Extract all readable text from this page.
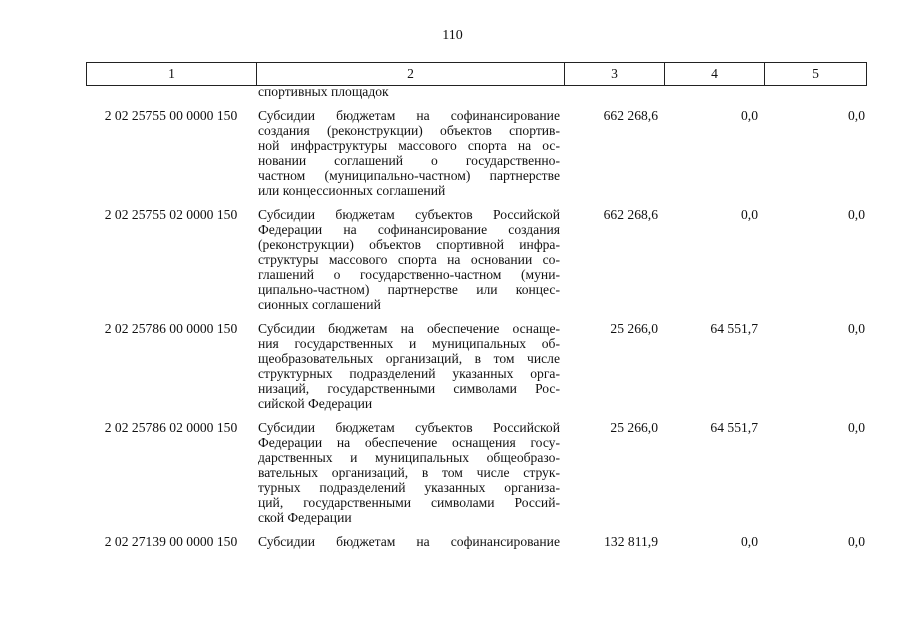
110
1	2	3	4	5
спортивных площадок
2 02 25755 00 0000 150	Субсидии бюджетам на софинансирование
создания (реконструкции) объектов спортив-
ной инфраструктуры массового спорта на ос-
новании соглашений о государственно-
частном (муниципально-частном) партнерстве
или концессионных соглашений
662 268,6	0,0	0,0
2 02 25755 02 0000 150	Субсидии бюджетам субъектов Российской
Федерации на софинансирование создания
(реконструкции) объектов спортивной инфра-
структуры массового спорта на основании со-
глашений о государственно-частном (муни-
ципально-частном) партнерстве или концес-
сионных соглашений
662 268,6	0,0	0,0
2 02 25786 00 0000 150	Субсидии бюджетам на обеспечение оснаще-
ния государственных и муниципальных об-
щеобразовательных организаций, в том числе
структурных подразделений указанных орга-
низаций, государственными символами Рос-
сийской Федерации
25 266,0	64 551,7	0,0
2 02 25786 02 0000 150	Субсидии бюджетам субъектов Российской
Федерации на обеспечение оснащения госу-
дарственных и муниципальных общеобразо-
вательных организаций, в том числе струк-
турных подразделений указанных организа-
ций, государственными символами Россий-
ской Федерации
25 266,0	64 551,7	0,0
2 02 27139 00 0000 150	Субсидии бюджетам на софинансирование	132 811,9	0,0	0,0
